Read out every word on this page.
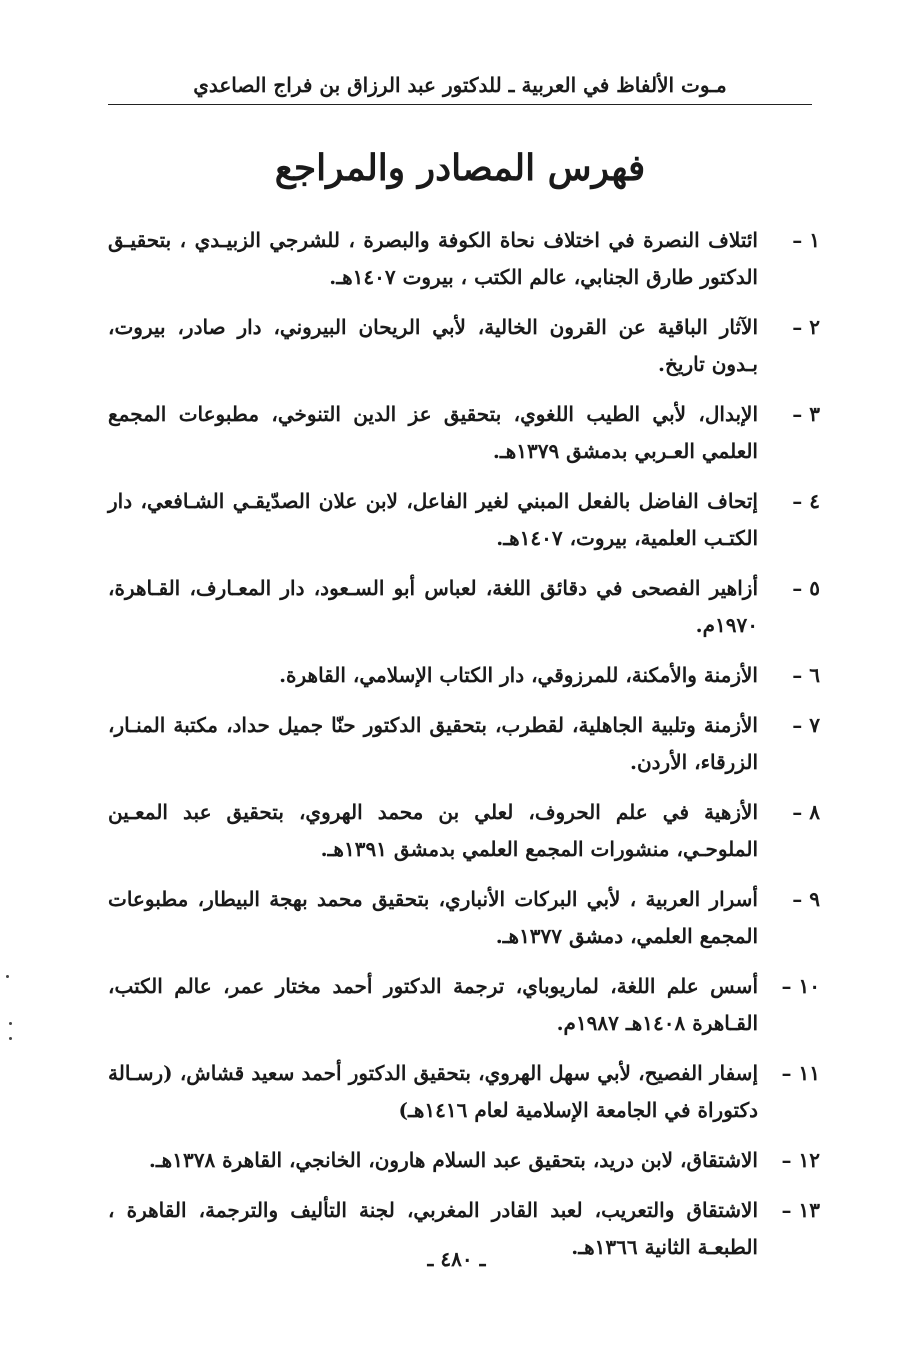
مـوت الألفاظ في العربية ـ للدكتور عبد الرزاق بن فراج الصاعدي
فهرس المصادر والمراجع
١ –
ائتلاف النصرة في اختلاف نحاة الكوفة والبصرة ، للشرجي الزبيـدي ، بتحقيـق الدكتور طارق الجنابي، عالم الكتب ، بيروت ١٤٠٧هـ.
٢ –
الآثار الباقية عن القرون الخالية، لأبي الريحان البيروني، دار صادر، بيروت، بـدون تاريخ.
٣ –
الإبدال، لأبي الطيب اللغوي، بتحقيق عز الدين التنوخي، مطبوعات المجمع العلمي العـربي بدمشق ١٣٧٩هـ.
٤ –
إتحاف الفاضل بالفعل المبني لغير الفاعل، لابن علان الصدّيقـي الشـافعي، دار الكتـب العلمية، بيروت، ١٤٠٧هـ.
٥ –
أزاهير الفصحى في دقائق اللغة، لعباس أبو السـعود، دار المعـارف، القـاهرة، ١٩٧٠م.
٦ –
الأزمنة والأمكنة، للمرزوقي، دار الكتاب الإسلامي، القاهرة.
٧ –
الأزمنة وتلبية الجاهلية، لقطرب، بتحقيق الدكتور حنّا جميل حداد، مكتبة المنـار، الزرقاء، الأردن.
٨ –
الأزهية في علم الحروف، لعلي بن محمد الهروي، بتحقيق عبد المعـين الملوحـي، منشورات المجمع العلمي بدمشق ١٣٩١هـ.
٩ –
أسرار العربية ، لأبي البركات الأنباري، بتحقيق محمد بهجة البيطار، مطبوعات المجمع العلمي، دمشق ١٣٧٧هـ.
١٠ –
أسس علم اللغة، لماريوباي، ترجمة الدكتور أحمد مختار عمر، عالم الكتب، القـاهرة ١٤٠٨هـ ١٩٨٧م.
١١ –
إسفار الفصيح، لأبي سهل الهروي، بتحقيق الدكتور أحمد سعيد قشاش، (رسـالة دكتوراة في الجامعة الإسلامية لعام ١٤١٦هـ)
١٢ –
الاشتقاق، لابن دريد، بتحقيق عبد السلام هارون، الخانجي، القاهرة ١٣٧٨هـ.
١٣ –
الاشتقاق والتعريب، لعبد القادر المغربي، لجنة التأليف والترجمة، القاهرة ، الطبعـة الثانية ١٣٦٦هـ.
ـ ٤٨٠ ـ
